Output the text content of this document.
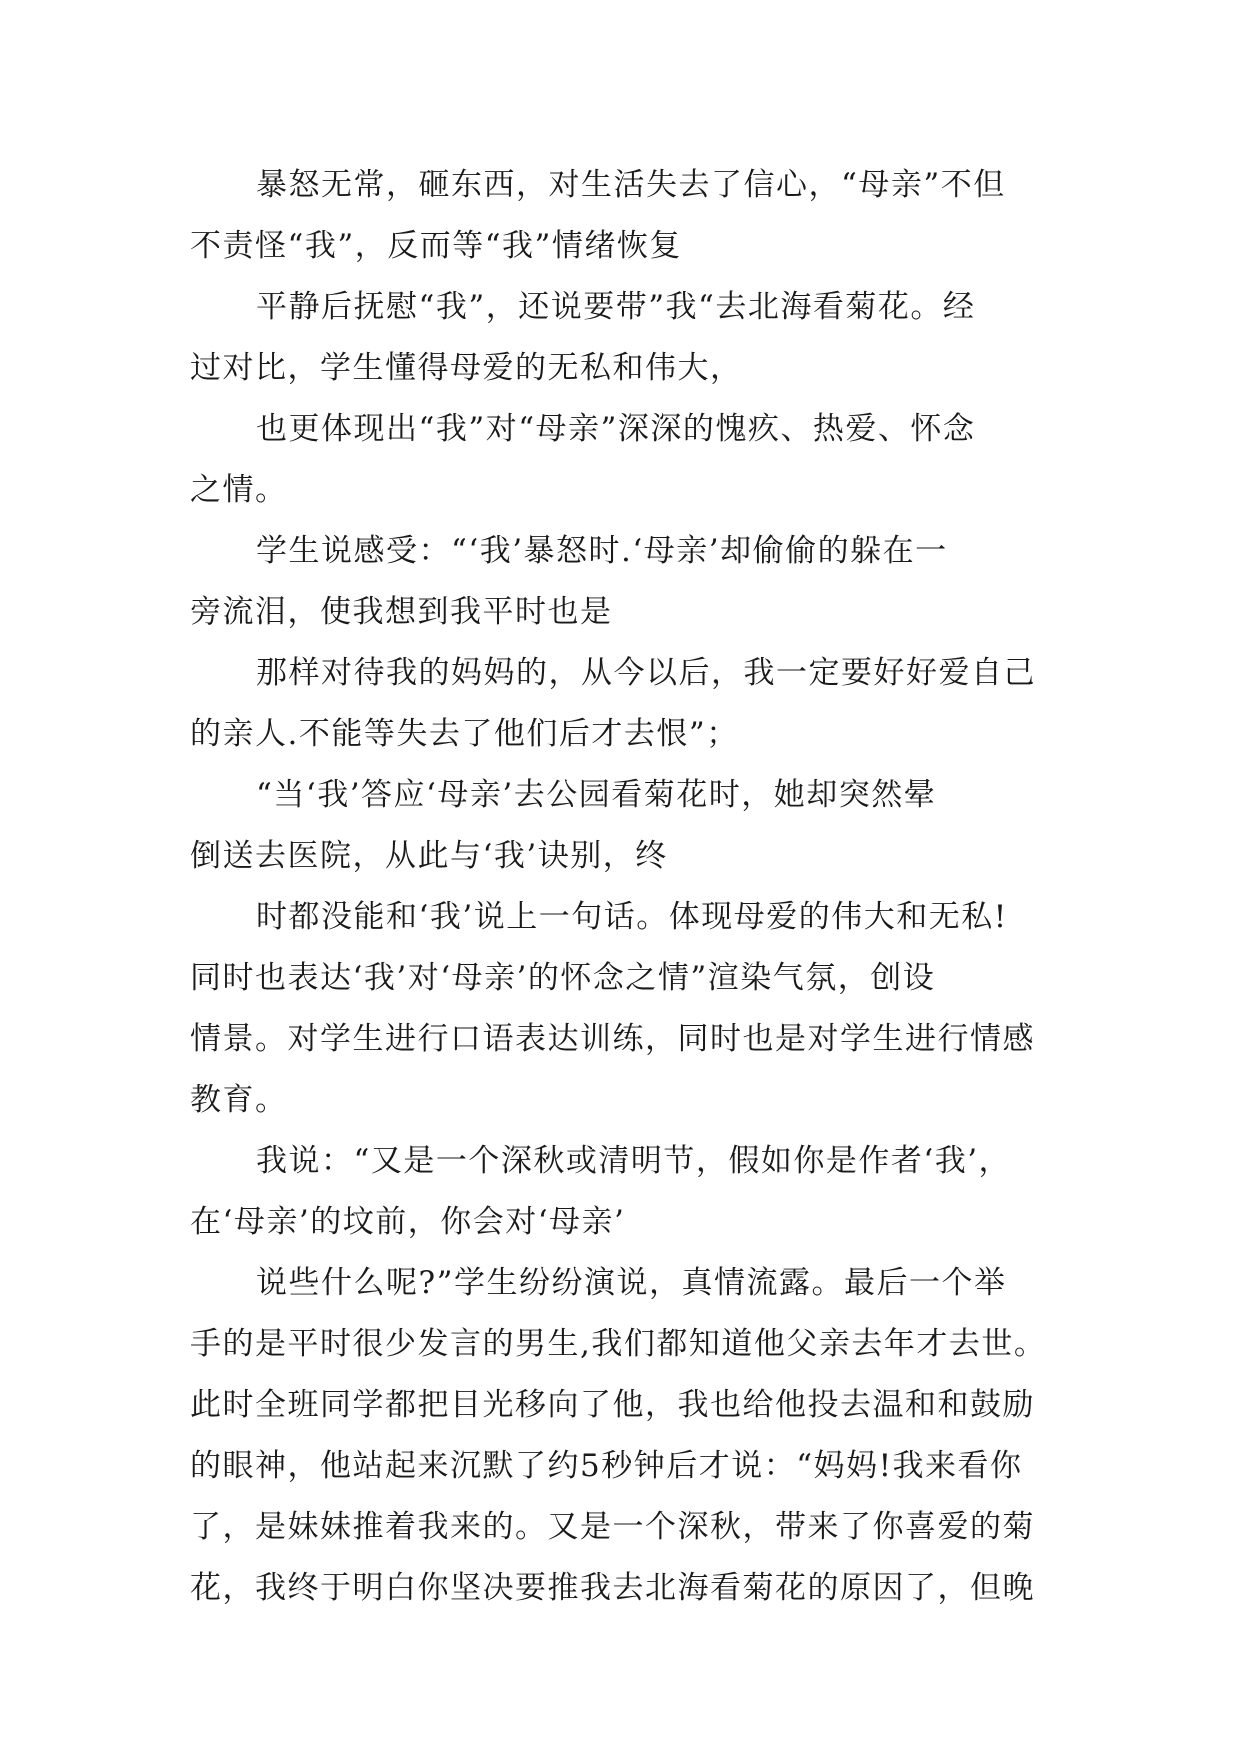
暴怒无常，砸东西，对生活失去了信心，“母亲”不但
不责怪“我”，反而等“我”情绪恢复
平静后抚慰“我”，还说要带”我“去北海看菊花。经
过对比，学生懂得母爱的无私和伟大，
也更体现出“我”对“母亲”深深的愧疚、热爱、怀念
之情。
学生说感受：“‘我’暴怒时.‘母亲’却偷偷的躲在一
旁流泪，使我想到我平时也是
那样对待我的妈妈的，从今以后，我一定要好好爱自己
的亲人.不能等失去了他们后才去恨”；
“当‘我’答应‘母亲’去公园看菊花时，她却突然晕
倒送去医院，从此与‘我’诀别，终
时都没能和‘我’说上一句话。体现母爱的伟大和无私!
同时也表达‘我’对‘母亲’的怀念之情”渲染气氛，创设
情景。对学生进行口语表达训练，同时也是对学生进行情感
教育。
我说：“又是一个深秋或清明节，假如你是作者‘我’，
在‘母亲’的坟前，你会对‘母亲’
说些什么呢?”学生纷纷演说，真情流露。最后一个举
手的是平时很少发言的男生,我们都知道他父亲去年才去世。
此时全班同学都把目光移向了他，我也给他投去温和和鼓励
的眼神，他站起来沉默了约5秒钟后才说：“妈妈!我来看你
了，是妹妹推着我来的。又是一个深秋，带来了你喜爱的菊
花，我终于明白你坚决要推我去北海看菊花的原因了，但晚
